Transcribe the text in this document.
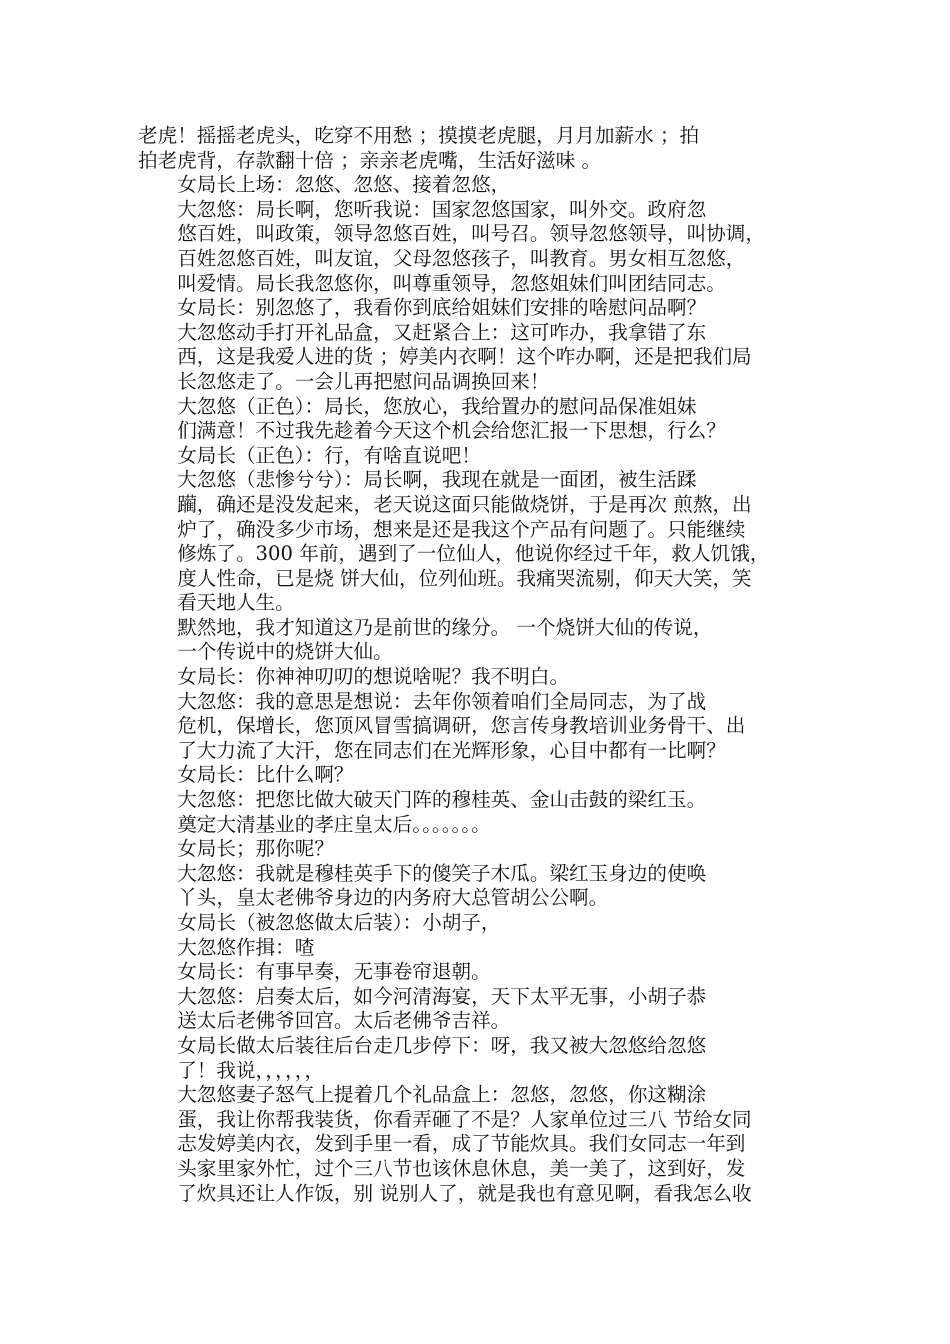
老虎！摇摇老虎头，吃穿不用愁 ；摸摸老虎腿，月月加薪水 ；拍
拍老虎背，存款翻十倍 ；亲亲老虎嘴，生活好滋味 。

女局长上场：忽悠、忽悠、接着忽悠，

大忽悠：局长啊，您听我说：国家忽悠国家，叫外交。政府忽
悠百姓，叫政策，领导忽悠百姓，叫号召。领导忽悠领导，叫协调，
百姓忽悠百姓，叫友谊，父母忽悠孩子，叫教育。男女相互忽悠，
叫爱情。局长我忽悠你，叫尊重领导，忽悠姐妹们叫团结同志。

女局长：别忽悠了，我看你到底给姐妹们安排的啥慰问品啊？

大忽悠动手打开礼品盒，又赶紧合上：这可咋办，我拿错了东
西，这是我爱人进的货 ；婷美内衣啊！这个咋办啊，还是把我们局
长忽悠走了。一会儿再把慰问品调换回来！

大忽悠（正色）：局长，您放心，我给置办的慰问品保准姐妹
们满意！不过我先趁着今天这个机会给您汇报一下思想，行么？

女局长（正色）：行，有啥直说吧！

大忽悠（悲惨兮兮）：局长啊，我现在就是一面团，被生活蹂
躏，确还是没发起来，老天说这面只能做烧饼，于是再次 煎熬，出
炉了，确没多少市场，想来是还是我这个产品有问题了。只能继续
修炼了。300 年前，遇到了一位仙人，他说你经过千年，救人饥饿，
度人性命，已是烧 饼大仙，位列仙班。我痛哭流剔，仰天大笑，笑
看天地人生。

默然地，我才知道这乃是前世的缘分。 一个烧饼大仙的传说，
一个传说中的烧饼大仙。

女局长：你神神叨叨的想说啥呢？我不明白。

大忽悠：我的意思是想说：去年你领着咱们全局同志，为了战
危机，保增长，您顶风冒雪搞调研，您言传身教培训业务骨干、出
了大力流了大汗，您在同志们在光辉形象，心目中都有一比啊？

女局长：比什么啊？

大忽悠：把您比做大破天门阵的穆桂英、金山击鼓的梁红玉。
奠定大清基业的孝庄皇太后。。。。。。。

女局长；那你呢？

大忽悠：我就是穆桂英手下的傻笑子木瓜。梁红玉身边的使唤
丫头，皇太老佛爷身边的内务府大总管胡公公啊。

女局长（被忽悠做太后装）：小胡子，

大忽悠作揖：喳

女局长：有事早奏，无事卷帘退朝。

大忽悠：启奏太后，如今河清海宴，天下太平无事，小胡子恭
送太后老佛爷回宫。太后老佛爷吉祥。

女局长做太后装往后台走几步停下：呀，我又被大忽悠给忽悠
了！我说，，，，，，

大忽悠妻子怒气上提着几个礼品盒上：忽悠，忽悠，你这糊涂
蛋，我让你帮我装货，你看弄砸了不是？人家单位过三八 节给女同
志发婷美内衣，发到手里一看，成了节能炊具。我们女同志一年到
头家里家外忙，过个三八节也该休息休息，美一美了，这到好，发
了炊具还让人作饭，别 说别人了，就是我也有意见啊，看我怎么收
